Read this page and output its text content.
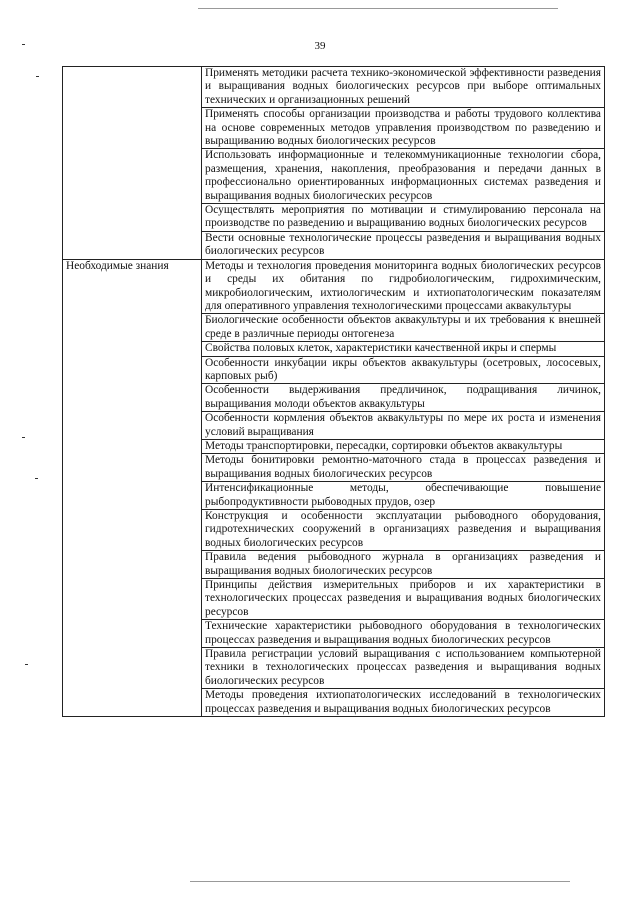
39
	Применять методики расчета технико-экономической эффективности разведения и выращивания водных биологических ресурсов при выборе оптимальных технических и организационных решений
	Применять способы организации производства и работы трудового коллектива на основе современных методов управления производством по разведению и выращиванию водных биологических ресурсов
	Использовать информационные и телекоммуникационные технологии сбора, размещения, хранения, накопления, преобразования и передачи данных в профессионально ориентированных информационных системах разведения и выращивания водных биологических ресурсов
	Осуществлять мероприятия по мотивации и стимулированию персонала на производстве по разведению и выращиванию водных биологических ресурсов
	Вести основные технологические процессы разведения и выращивания водных биологических ресурсов
Необходимые знания	Методы и технология проведения мониторинга водных биологических ресурсов и среды их обитания по гидробиологическим, гидрохимическим, микробиологическим, ихтиологическим и ихтиопатологическим показателям для оперативного управления технологическими процессами аквакультуры
	Биологические особенности объектов аквакультуры и их требования к внешней среде в различные периоды онтогенеза
	Свойства половых клеток, характеристики качественной икры и спермы
	Особенности инкубации икры объектов аквакультуры (осетровых, лососевых, карповых рыб)
	Особенности выдерживания предличинок, подращивания личинок, выращивания молоди объектов аквакультуры
	Особенности кормления объектов аквакультуры по мере их роста и изменения условий выращивания
	Методы транспортировки, пересадки, сортировки объектов аквакультуры
	Методы бонитировки ремонтно-маточного стада в процессах разведения и выращивания водных биологических ресурсов
	Интенсификационные методы, обеспечивающие повышение рыбопродуктивности рыбоводных прудов, озер
	Конструкция и особенности эксплуатации рыбоводного оборудования, гидротехнических сооружений в организациях разведения и выращивания водных биологических ресурсов
	Правила ведения рыбоводного журнала в организациях разведения и выращивания водных биологических ресурсов
	Принципы действия измерительных приборов и их характеристики в технологических процессах разведения и выращивания водных биологических ресурсов
	Технические характеристики рыбоводного оборудования в технологических процессах разведения и выращивания водных биологических ресурсов
	Правила регистрации условий выращивания с использованием компьютерной техники в технологических процессах разведения и выращивания водных биологических ресурсов
	Методы проведения ихтиопатологических исследований в технологических процессах разведения и выращивания водных биологических ресурсов
